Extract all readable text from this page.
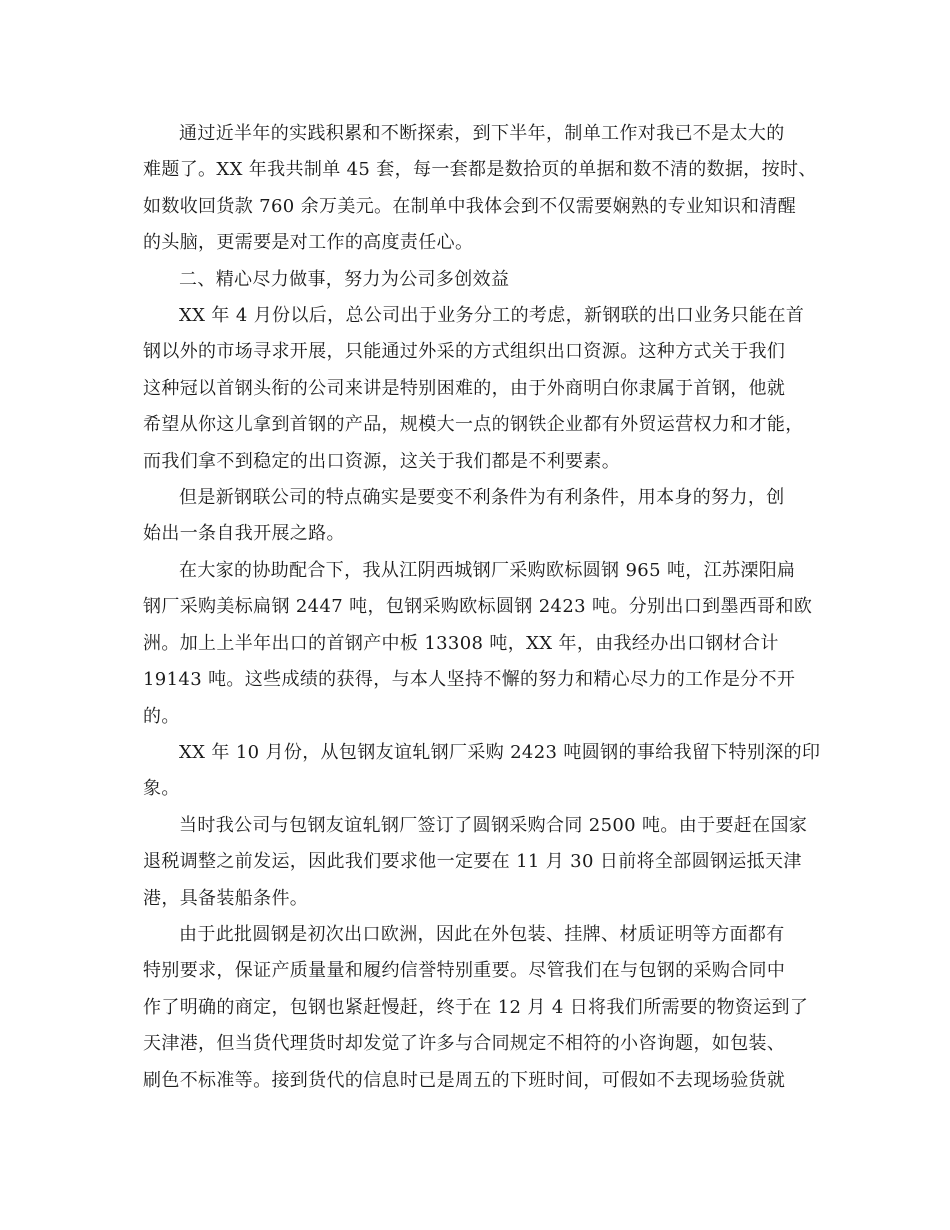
通过近半年的实践积累和不断探索，到下半年，制单工作对我已不是太大的
难题了。XX 年我共制单 45 套，每一套都是数拾页的单据和数不清的数据，按时、
如数收回货款 760 余万美元。在制单中我体会到不仅需要娴熟的专业知识和清醒
的头脑，更需要是对工作的高度责任心。

二、精心尽力做事，努力为公司多创效益

XX 年 4 月份以后，总公司出于业务分工的考虑，新钢联的出口业务只能在首
钢以外的市场寻求开展，只能通过外采的方式组织出口资源。这种方式关于我们
这种冠以首钢头衔的公司来讲是特别困难的，由于外商明白你隶属于首钢，他就
希望从你这儿拿到首钢的产品，规模大一点的钢铁企业都有外贸运营权力和才能，
而我们拿不到稳定的出口资源，这关于我们都是不利要素。

但是新钢联公司的特点确实是要变不利条件为有利条件，用本身的努力，创
始出一条自我开展之路。

在大家的协助配合下，我从江阴西城钢厂采购欧标圆钢 965 吨，江苏溧阳扁
钢厂采购美标扁钢 2447 吨，包钢采购欧标圆钢 2423 吨。分别出口到墨西哥和欧
洲。加上上半年出口的首钢产中板 13308 吨，XX 年，由我经办出口钢材合计
19143 吨。这些成绩的获得，与本人坚持不懈的努力和精心尽力的工作是分不开
的。

XX 年 10 月份，从包钢友谊轧钢厂采购 2423 吨圆钢的事给我留下特别深的印
象。

当时我公司与包钢友谊轧钢厂签订了圆钢采购合同 2500 吨。由于要赶在国家
退税调整之前发运，因此我们要求他一定要在 11 月 30 日前将全部圆钢运抵天津
港，具备装船条件。

由于此批圆钢是初次出口欧洲，因此在外包装、挂牌、材质证明等方面都有
特别要求，保证产质量量和履约信誉特别重要。尽管我们在与包钢的采购合同中
作了明确的商定，包钢也紧赶慢赶，终于在 12 月 4 日将我们所需要的物资运到了
天津港，但当货代理货时却发觉了许多与合同规定不相符的小咨询题，如包装、
刷色不标准等。接到货代的信息时已是周五的下班时间，可假如不去现场验货就
